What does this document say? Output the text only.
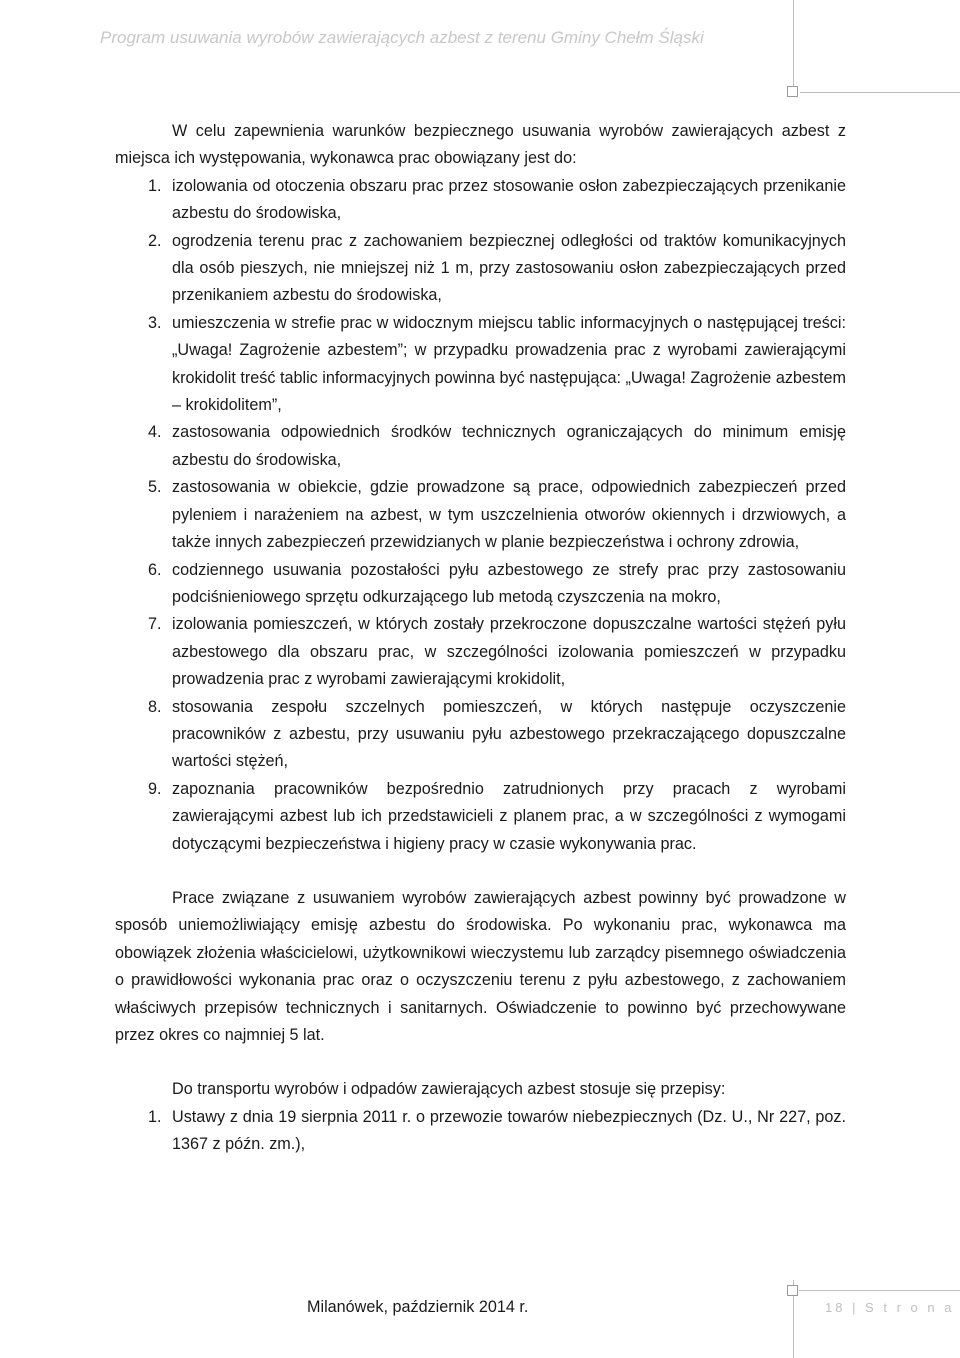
Program usuwania wyrobów zawierających azbest z terenu Gminy Chełm Śląski

W celu zapewnienia warunków bezpiecznego usuwania wyrobów zawierających azbest z miejsca ich występowania, wykonawca prac obowiązany jest do:

1. izolowania od otoczenia obszaru prac przez stosowanie osłon zabezpieczających przenikanie azbestu do środowiska,
2. ogrodzenia terenu prac z zachowaniem bezpiecznej odległości od traktów komunikacyjnych dla osób pieszych, nie mniejszej niż 1 m, przy zastosowaniu osłon zabezpieczających przed przenikaniem azbestu do środowiska,
3. umieszczenia w strefie prac w widocznym miejscu tablic informacyjnych o następującej treści: „Uwaga! Zagrożenie azbestem”; w przypadku prowadzenia prac z wyrobami zawierającymi krokidolit treść tablic informacyjnych powinna być następująca: „Uwaga! Zagrożenie azbestem – krokidolitem”,
4. zastosowania odpowiednich środków technicznych ograniczających do minimum emisję azbestu do środowiska,
5. zastosowania w obiekcie, gdzie prowadzone są prace, odpowiednich zabezpieczeń przed pyleniem i narażeniem na azbest, w tym uszczelnienia otworów okiennych i drzwiowych, a także innych zabezpieczeń przewidzianych w planie bezpieczeństwa i ochrony zdrowia,
6. codziennego usuwania pozostałości pyłu azbestowego ze strefy prac przy zastosowaniu podciśnieniowego sprzętu odkurzającego lub metodą czyszczenia na mokro,
7. izolowania pomieszczeń, w których zostały przekroczone dopuszczalne wartości stężeń pyłu azbestowego dla obszaru prac, w szczególności izolowania pomieszczeń w przypadku prowadzenia prac z wyrobami zawierającymi krokidolit,
8. stosowania zespołu szczelnych pomieszczeń, w których następuje oczyszczenie pracowników z azbestu, przy usuwaniu pyłu azbestowego przekraczającego dopuszczalne wartości stężeń,
9. zapoznania pracowników bezpośrednio zatrudnionych przy pracach z wyrobami zawierającymi azbest lub ich przedstawicieli z planem prac, a w szczególności z wymogami dotyczącymi bezpieczeństwa i higieny pracy w czasie wykonywania prac.

Prace związane z usuwaniem wyrobów zawierających azbest powinny być prowadzone w sposób uniemożliwiający emisję azbestu do środowiska. Po wykonaniu prac, wykonawca ma obowiązek złożenia właścicielowi, użytkownikowi wieczystemu lub zarządcy pisemnego oświadczenia o prawidłowości wykonania prac oraz o oczyszczeniu terenu z pyłu azbestowego, z zachowaniem właściwych przepisów technicznych i sanitarnych. Oświadczenie to powinno być przechowywane przez okres co najmniej 5 lat.

Do transportu wyrobów i odpadów zawierających azbest stosuje się przepisy:

1. Ustawy z dnia 19 sierpnia 2011 r. o przewozie towarów niebezpiecznych (Dz. U., Nr 227, poz. 1367 z późn. zm.),
Milanówek, październik 2014 r.	18 | S t r o n a
